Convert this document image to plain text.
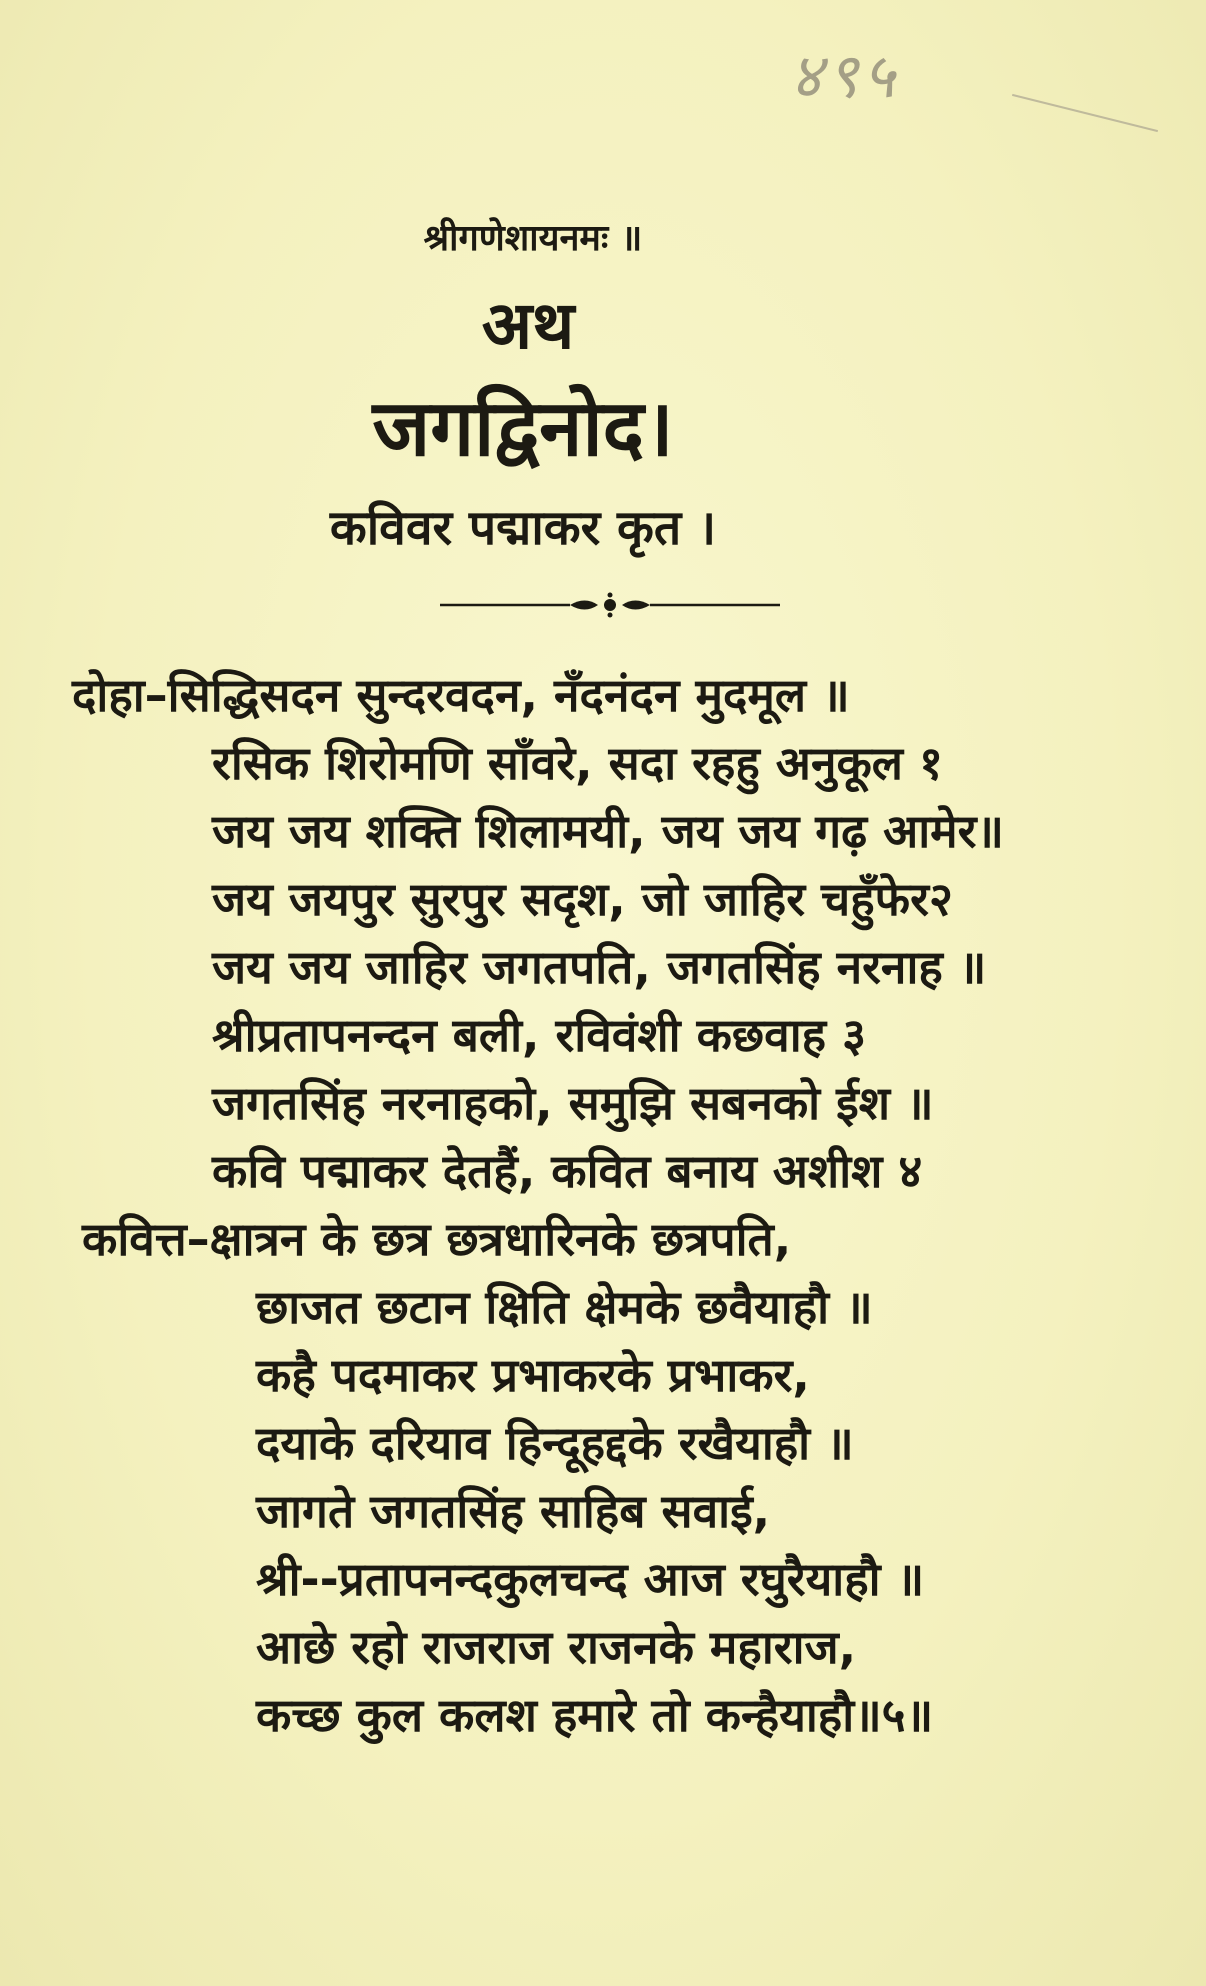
४९५
श्रीगणेशायनमः ॥
अथ
जगद्विनोद।
कविवर पद्माकर कृत ।
दोहा–सिद्धिसदन सुन्दरवदन, नँदनंदन मुदमूल ॥
रसिक शिरोमणि साँवरे, सदा रहहु अनुकूल १
जय जय शक्ति शिलामयी, जय जय गढ़ आमेर॥
जय जयपुर सुरपुर सदृश, जो जाहिर चहुँफेर२
जय जय जाहिर जगतपति, जगतसिंह नरनाह ॥
श्रीप्रतापनन्दन बली, रविवंशी कछवाह ३
जगतसिंह नरनाहको, समुझि सबनको ईश ॥
कवि पद्माकर देतहैं, कवित बनाय अशीश ४
कवित्त–क्षात्रन के छत्र छत्रधारिनके छत्रपति,
छाजत छटान क्षिति क्षेमके छवैयाहौ ॥
कहै पदमाकर प्रभाकरके प्रभाकर,
दयाके दरियाव हिन्दूहद्दके रखैयाहौ ॥
जागते जगतसिंह साहिब सवाई,
श्री--प्रतापनन्दकुलचन्द आज रघुरैयाहौ ॥
आछे रहो राजराज राजनके महाराज,
कच्छ कुल कलश हमारे तो कन्हैयाहौ॥५॥
